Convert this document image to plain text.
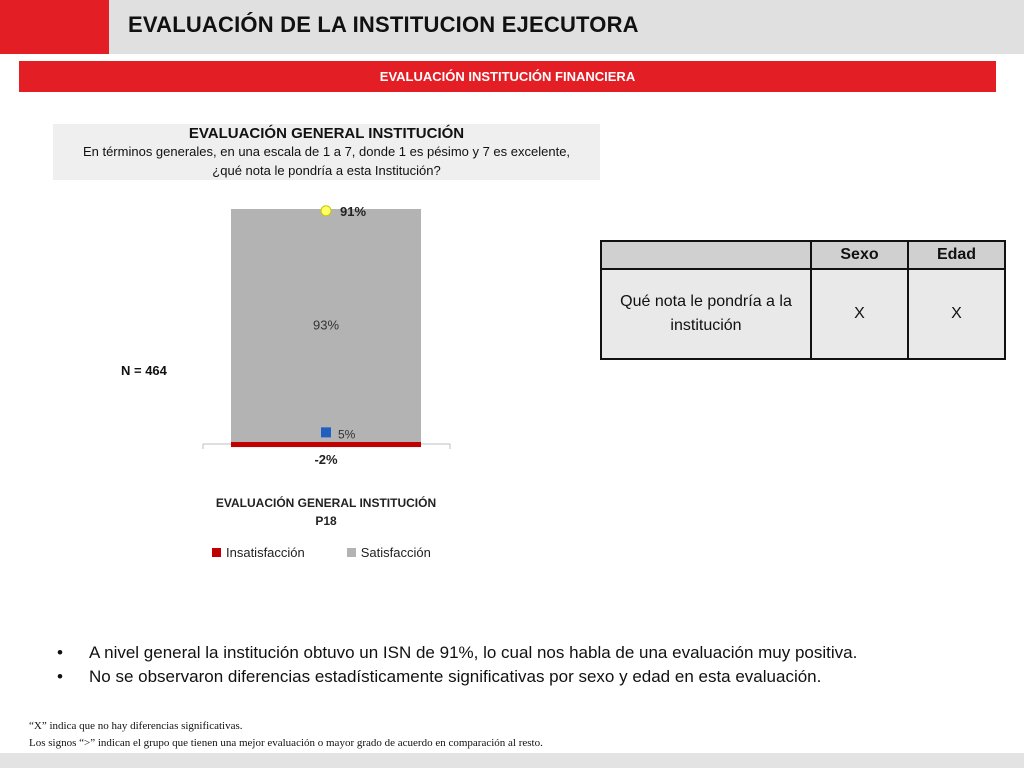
EVALUACIÓN DE LA INSTITUCION EJECUTORA
EVALUACIÓN INSTITUCIÓN FINANCIERA
EVALUACIÓN GENERAL INSTITUCIÓN
En términos generales, en una escala de 1 a 7, donde 1 es pésimo y 7 es excelente, ¿qué nota le pondría a esta Institución?
93%
-2%
91%
5%
EVALUACIÓN GENERAL INSTITUCIÓN
P18
N = 464
Insatisfacción	Satisfacción
	Sexo	Edad
Qué nota le pondría a la institución	X	X
•	A nivel general la institución obtuvo un ISN de 91%, lo cual nos habla de una evaluación muy positiva.
•	No se observaron diferencias estadísticamente significativas por sexo y edad en esta evaluación.
“X” indica que no hay diferencias significativas.
Los signos “>” indican el grupo que tienen una mejor evaluación o mayor grado de acuerdo en comparación al resto.
